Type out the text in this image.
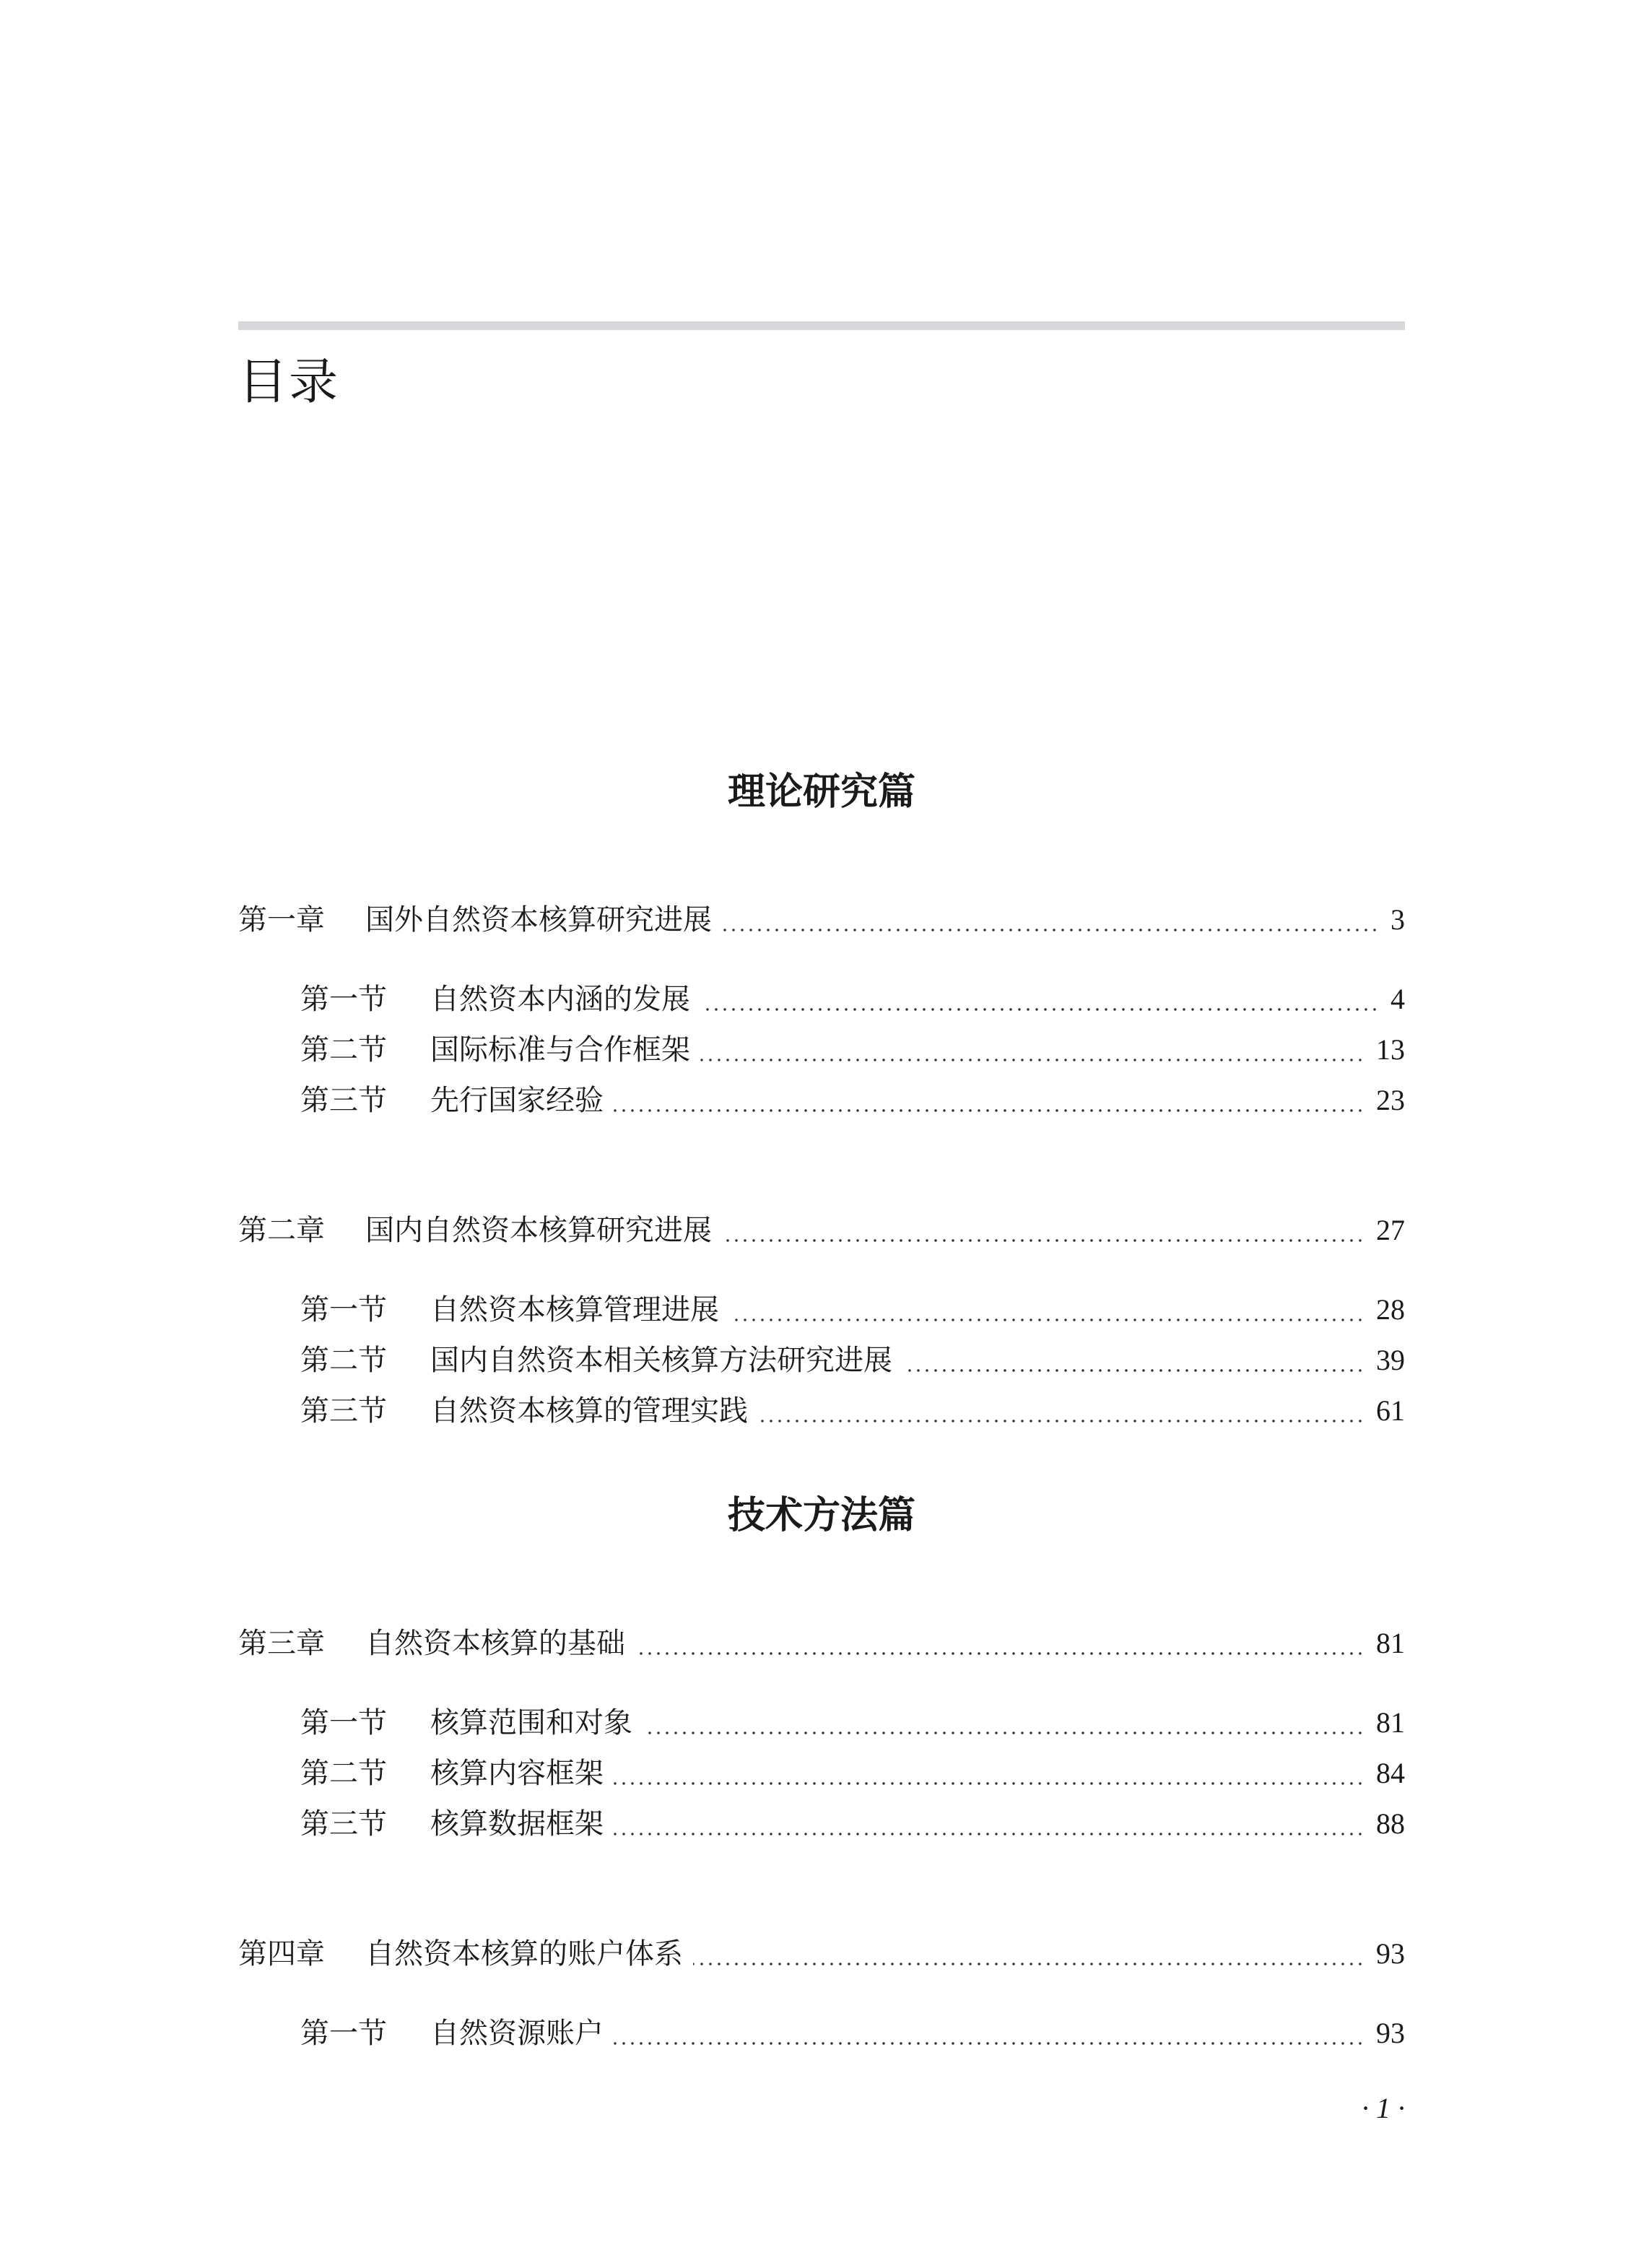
目录
理论研究篇
第一章	国外自然资本核算研究进展	3
第一节	自然资本内涵的发展	4
第二节	国际标准与合作框架	13
第三节	先行国家经验	23
第二章	国内自然资本核算研究进展	27
第一节	自然资本核算管理进展	28
第二节	国内自然资本相关核算方法研究进展	39
第三节	自然资本核算的管理实践	61
技术方法篇
第三章	自然资本核算的基础	81
第一节	核算范围和对象	81
第二节	核算内容框架	84
第三节	核算数据框架	88
第四章	自然资本核算的账户体系	93
第一节	自然资源账户	93
· 1 ·
